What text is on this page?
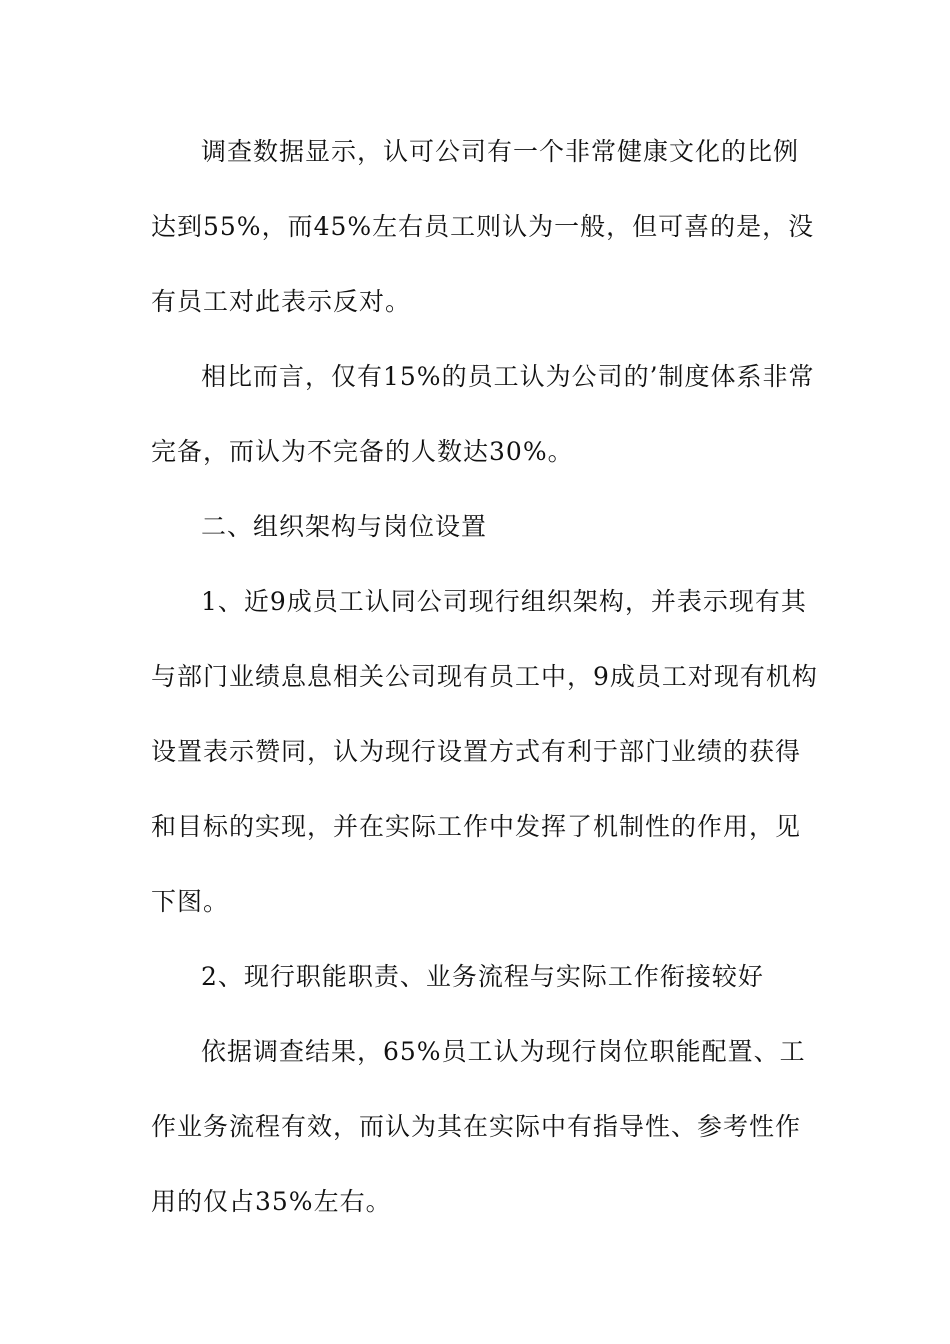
调查数据显示，认可公司有一个非常健康文化的比例
达到55%，而45%左右员工则认为一般，但可喜的是，没
有员工对此表示反对。
相比而言，仅有15%的员工认为公司的’制度体系非常
完备，而认为不完备的人数达30%。
二、组织架构与岗位设置
1、近9成员工认同公司现行组织架构，并表示现有其
与部门业绩息息相关公司现有员工中，9成员工对现有机构
设置表示赞同，认为现行设置方式有利于部门业绩的获得
和目标的实现，并在实际工作中发挥了机制性的作用，见
下图。
2、现行职能职责、业务流程与实际工作衔接较好
依据调查结果，65%员工认为现行岗位职能配置、工
作业务流程有效，而认为其在实际中有指导性、参考性作
用的仅占35%左右。
